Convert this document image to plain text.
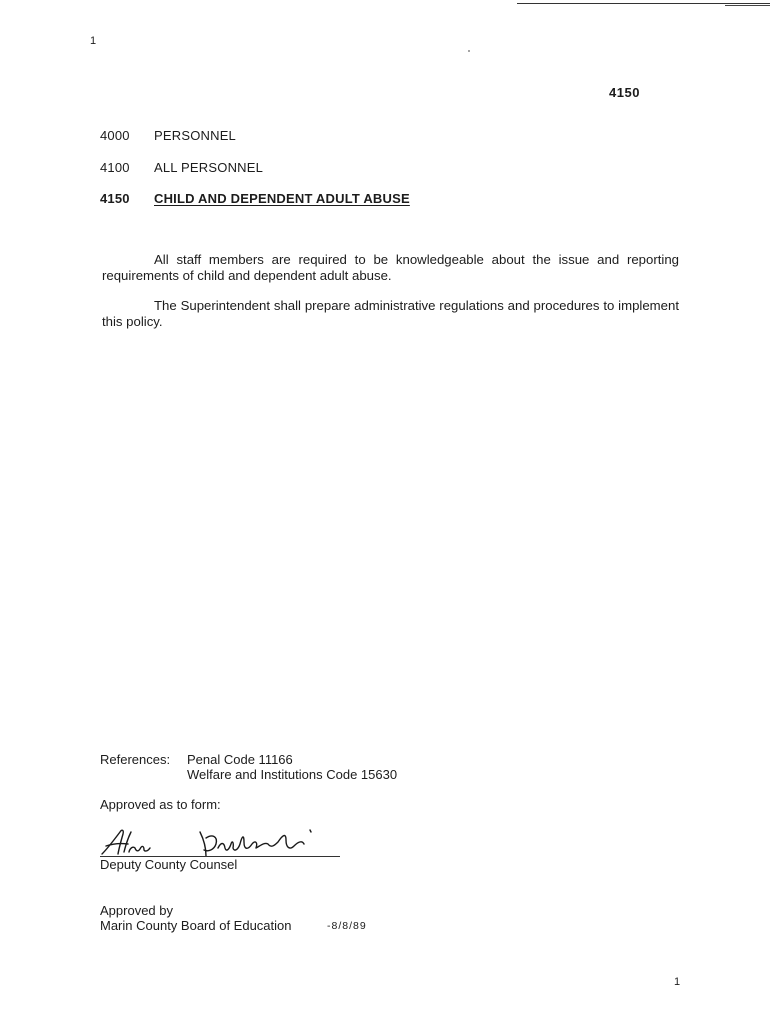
1
4150
4000 PERSONNEL
4100 ALL PERSONNEL
4150 CHILD AND DEPENDENT ADULT ABUSE

All staff members are required to be knowledgeable about the issue and reporting requirements of child and dependent adult abuse.

The Superintendent shall prepare administrative regulations and procedures to implement this policy.

References: Penal Code 11166
Welfare and Institutions Code 15630
Approved as to form:
Deputy County Counsel
Approved by
Marin County Board of Education	-8/8/89
1
